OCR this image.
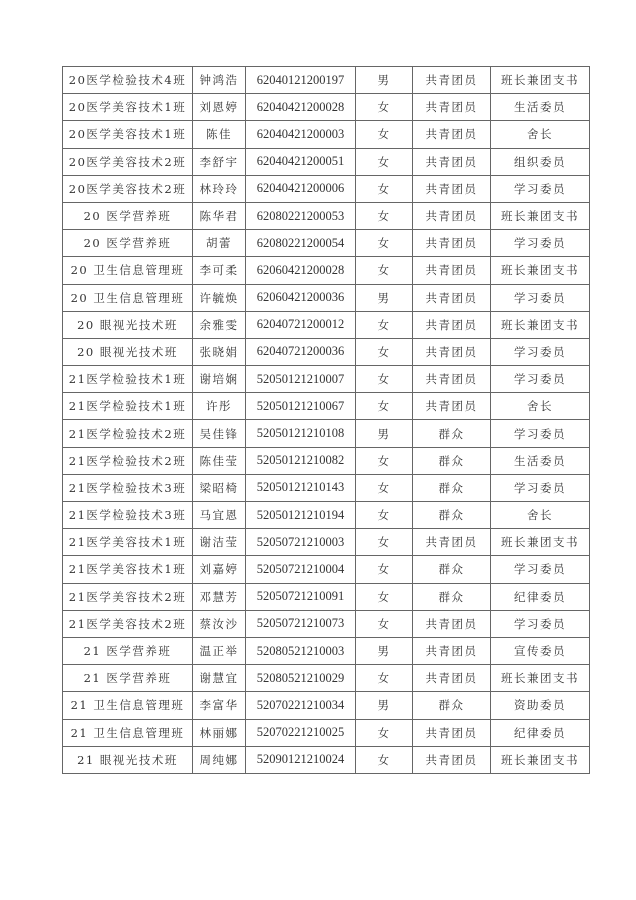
20医学检验技术4班	钟鸿浩	62040121200197	男	共青团员	班长兼团支书
20医学美容技术1班	刘恩婷	62040421200028	女	共青团员	生活委员
20医学美容技术1班	陈佳	62040421200003	女	共青团员	舍长
20医学美容技术2班	李舒宇	62040421200051	女	共青团员	组织委员
20医学美容技术2班	林玲玲	62040421200006	女	共青团员	学习委员
20 医学营养班	陈华君	62080221200053	女	共青团员	班长兼团支书
20 医学营养班	胡蕾	62080221200054	女	共青团员	学习委员
20 卫生信息管理班	李可柔	62060421200028	女	共青团员	班长兼团支书
20 卫生信息管理班	许毓焕	62060421200036	男	共青团员	学习委员
20 眼视光技术班	余雅雯	62040721200012	女	共青团员	班长兼团支书
20 眼视光技术班	张晓娟	62040721200036	女	共青团员	学习委员
21医学检验技术1班	谢培娴	52050121210007	女	共青团员	学习委员
21医学检验技术1班	许彤	52050121210067	女	共青团员	舍长
21医学检验技术2班	吴佳锋	52050121210108	男	群众	学习委员
21医学检验技术2班	陈佳莹	52050121210082	女	群众	生活委员
21医学检验技术3班	梁昭椅	52050121210143	女	群众	学习委员
21医学检验技术3班	马宜恩	52050121210194	女	群众	舍长
21医学美容技术1班	谢洁莹	52050721210003	女	共青团员	班长兼团支书
21医学美容技术1班	刘嘉婷	52050721210004	女	群众	学习委员
21医学美容技术2班	邓慧芳	52050721210091	女	群众	纪律委员
21医学美容技术2班	蔡汝沙	52050721210073	女	共青团员	学习委员
21 医学营养班	温正举	52080521210003	男	共青团员	宣传委员
21 医学营养班	谢慧宜	52080521210029	女	共青团员	班长兼团支书
21 卫生信息管理班	李富华	52070221210034	男	群众	资助委员
21 卫生信息管理班	林丽娜	52070221210025	女	共青团员	纪律委员
21 眼视光技术班	周纯娜	52090121210024	女	共青团员	班长兼团支书
